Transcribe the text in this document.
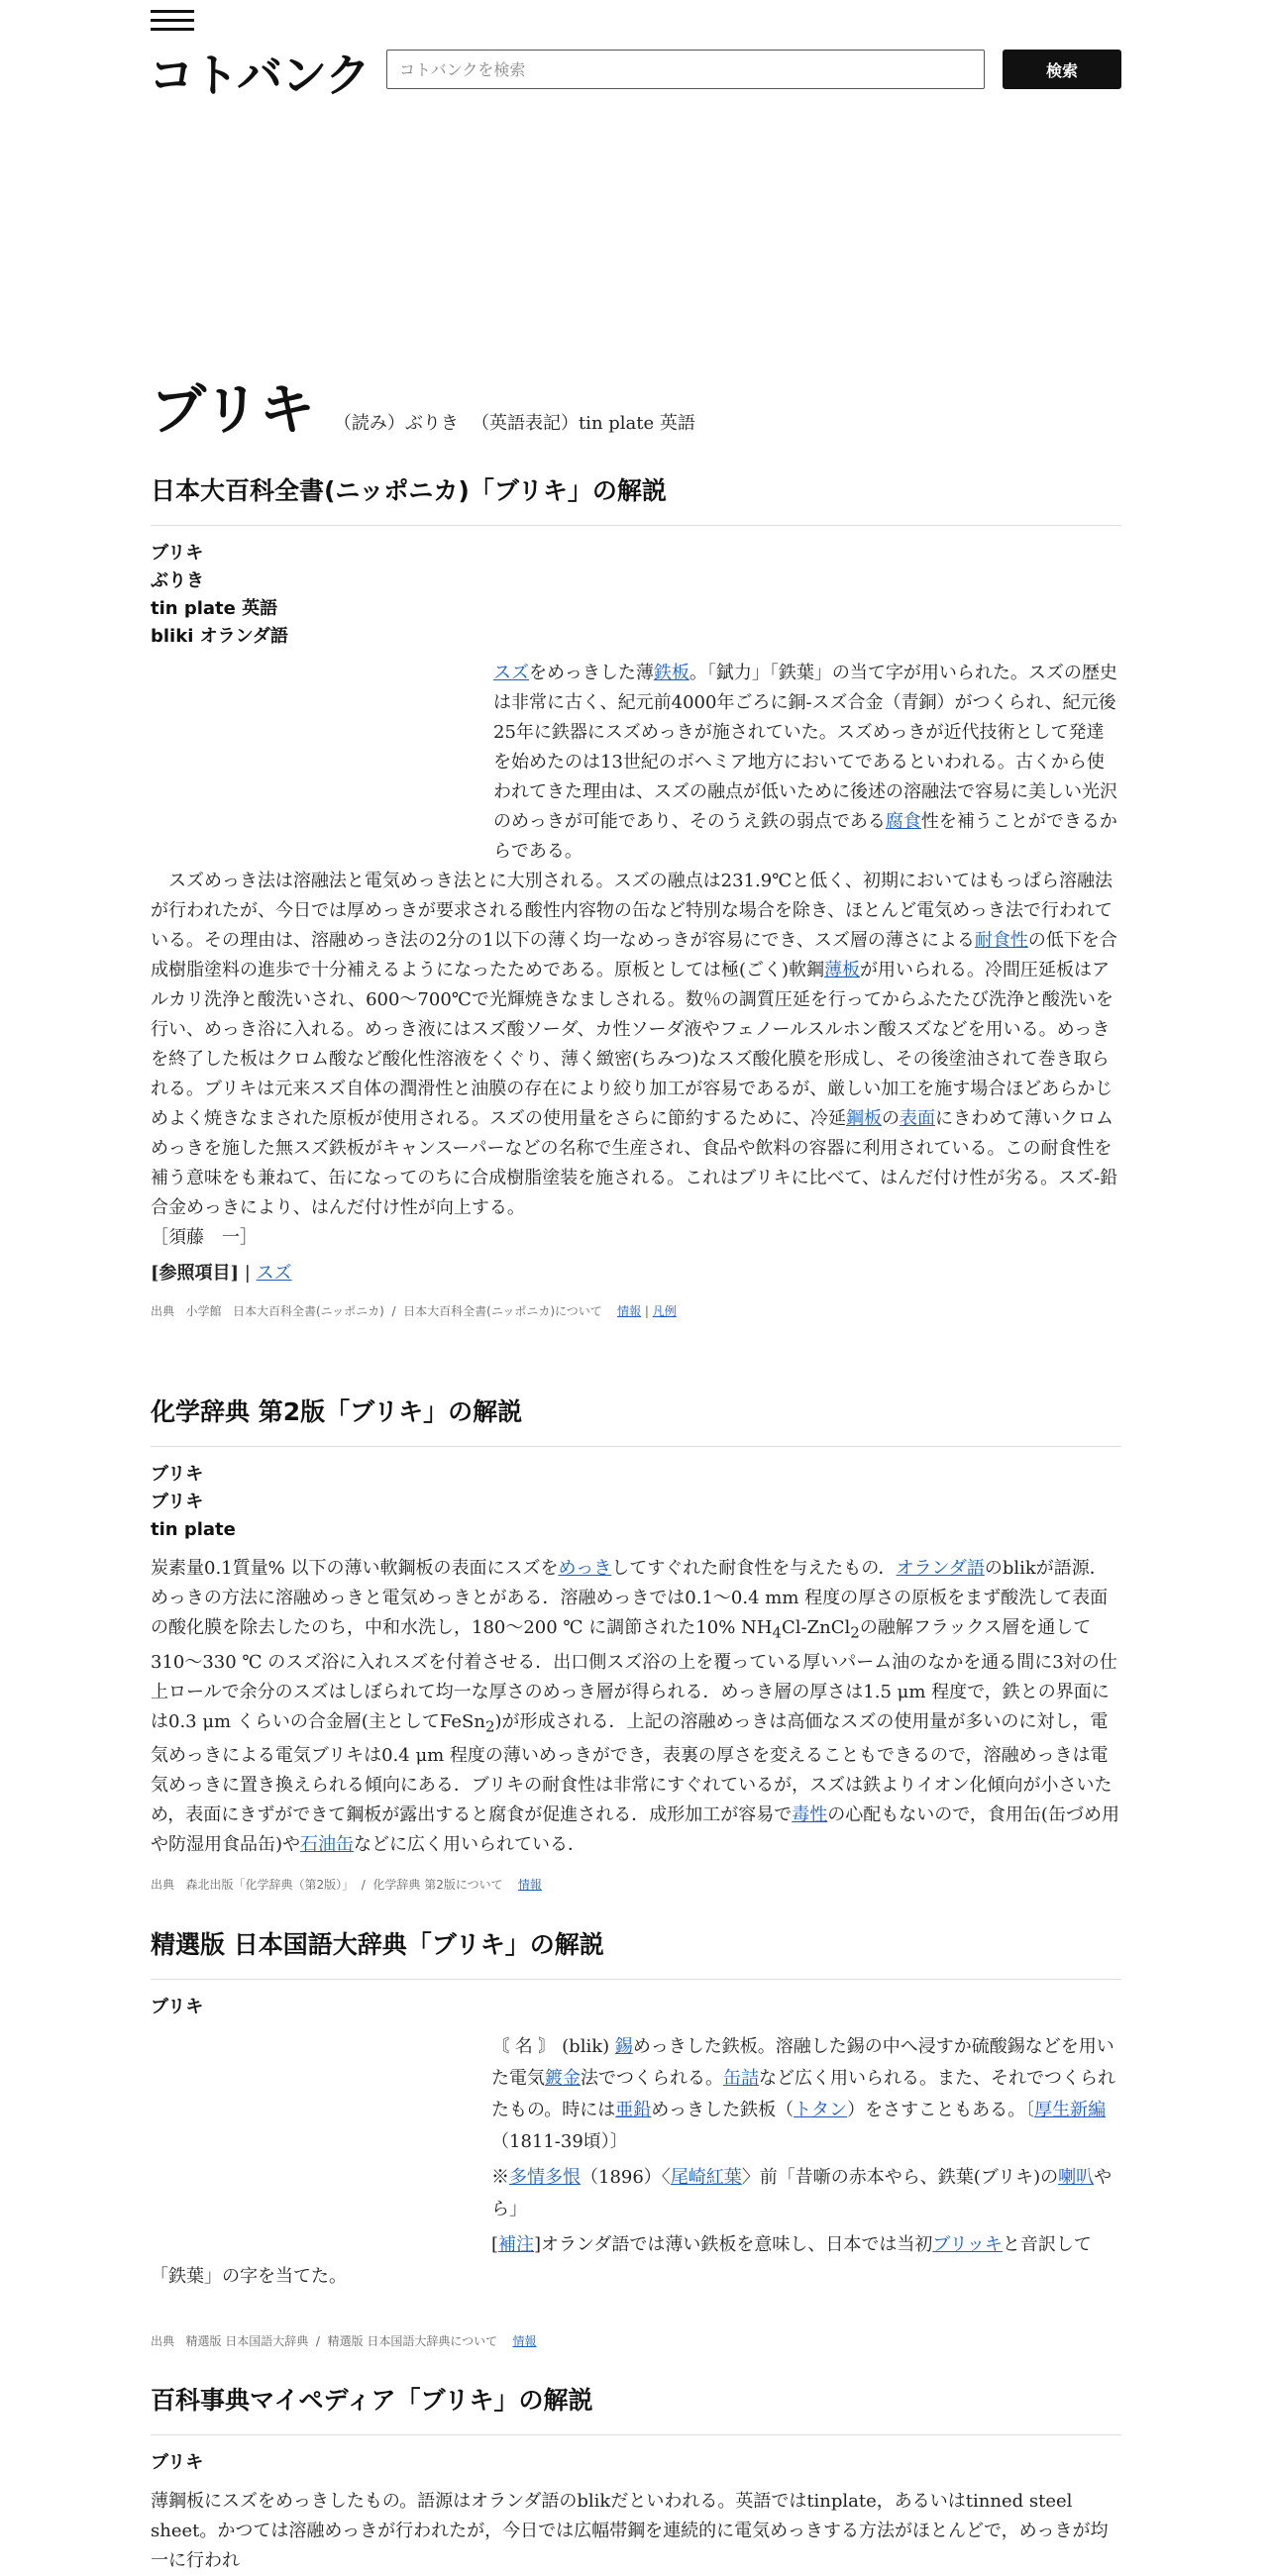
コトバンク
コトバンクを検索	検索
ブリキ （読み）ぶりき （英語表記）tin plate 英語
日本大百科全書(ニッポニカ)「ブリキ」の解説
ブリキ
ぶりき
tin plate 英語
bliki オランダ語

スズをめっきした薄鉄板。「錻力」「鉄葉」の当て字が用いられた。スズの歴史は非常に古く、紀元前4000年ごろに銅-スズ合金（青銅）がつくられ、紀元後25年に鉄器にスズめっきが施されていた。スズめっきが近代技術として発達を始めたのは13世紀のボヘミア地方においてであるといわれる。古くから使われてきた理由は、スズの融点が低いために後述の溶融法で容易に美しい光沢のめっきが可能であり、そのうえ鉄の弱点である腐食性を補うことができるからである。

　スズめっき法は溶融法と電気めっき法とに大別される。スズの融点は231.9℃と低く、初期においてはもっぱら溶融法が行われたが、今日では厚めっきが要求される酸性内容物の缶など特別な場合を除き、ほとんど電気めっき法で行われている。その理由は、溶融めっき法の2分の1以下の薄く均一なめっきが容易にでき、スズ層の薄さによる耐食性の低下を合成樹脂塗料の進歩で十分補えるようになったためである。原板としては極(ごく)軟鋼薄板が用いられる。冷間圧延板はアルカリ洗浄と酸洗いされ、600～700℃で光輝焼きなましされる。数％の調質圧延を行ってからふたたび洗浄と酸洗いを行い、めっき浴に入れる。めっき液にはスズ酸ソーダ、カ性ソーダ液やフェノールスルホン酸スズなどを用いる。めっきを終了した板はクロム酸など酸化性溶液をくぐり、薄く緻密(ちみつ)なスズ酸化膜を形成し、その後塗油されて巻き取られる。ブリキは元来スズ自体の潤滑性と油膜の存在により絞り加工が容易であるが、厳しい加工を施す場合ほどあらかじめよく焼きなまされた原板が使用される。スズの使用量をさらに節約するために、冷延鋼板の表面にきわめて薄いクロムめっきを施した無スズ鉄板がキャンスーパーなどの名称で生産され、食品や飲料の容器に利用されている。この耐食性を補う意味をも兼ねて、缶になってのちに合成樹脂塗装を施される。これはブリキに比べて、はんだ付け性が劣る。スズ-鉛合金めっきにより、はんだ付け性が向上する。

［須藤　一］

[参照項目] | スズ

出典 小学館 日本大百科全書(ニッポニカ)  /  日本大百科全書(ニッポニカ)について 情報 | 凡例

化学辞典 第2版「ブリキ」の解説
ブリキ
ブリキ
tin plate

炭素量0.1質量% 以下の薄い軟鋼板の表面にスズをめっきしてすぐれた耐食性を与えたもの．オランダ語のblikが語源．めっきの方法に溶融めっきと電気めっきとがある．溶融めっきでは0.1～0.4 mm 程度の厚さの原板をまず酸洗して表面の酸化膜を除去したのち，中和水洗し，180～200 ℃ に調節された10% $NH_4Cl-ZnCl_2$の融解フラックス層を通して310～330 ℃ のスズ浴に入れスズを付着させる．出口側スズ浴の上を覆っている厚いパーム油のなかを通る間に3対の仕上ロールで余分のスズはしぼられて均一な厚さのめっき層が得られる．めっき層の厚さは1.5 μm 程度で，鉄との界面には0.3 μm くらいの合金層(主としてFeSn$_2$)が形成される．上記の溶融めっきは高価なスズの使用量が多いのに対し，電気めっきによる電気ブリキは0.4 μm 程度の薄いめっきができ，表裏の厚さを変えることもできるので，溶融めっきは電気めっきに置き換えられる傾向にある．ブリキの耐食性は非常にすぐれているが，スズは鉄よりイオン化傾向が小さいため，表面にきずができて鋼板が露出すると腐食が促進される．成形加工が容易で毒性の心配もないので，食用缶(缶づめ用や防湿用食品缶)や石油缶などに広く用いられている．

出典 森北出版「化学辞典（第2版）」  /  化学辞典 第2版について 情報

精選版 日本国語大辞典「ブリキ」の解説
ブリキ

〘 名 〙 (blik) 錫めっきした鉄板。溶融した錫の中へ浸すか硫酸錫などを用いた電気鍍金法でつくられる。缶詰など広く用いられる。また、それでつくられたもの。時には亜鉛めっきした鉄板（トタン）をさすこともある。〔厚生新編（1811‐39頃）〕

※多情多恨（1896）〈尾崎紅葉〉前「昔噺の赤本やら、鉄葉(ブリキ)の喇叭やら」

[補注]オランダ語では薄い鉄板を意味し、日本では当初ブリッキと音訳して「鉄葉」の字を当てた。

出典 精選版 日本国語大辞典  /  精選版 日本国語大辞典について 情報

百科事典マイペディア「ブリキ」の解説
ブリキ

薄鋼板にスズをめっきしたもの。語源はオランダ語のblikだといわれる。英語ではtinplate，あるいはtinned steel sheet。かつては溶融めっきが行われたが，今日では広幅帯鋼を連続的に電気めっきする方法がほとんどで，めっきが均一に行われ
